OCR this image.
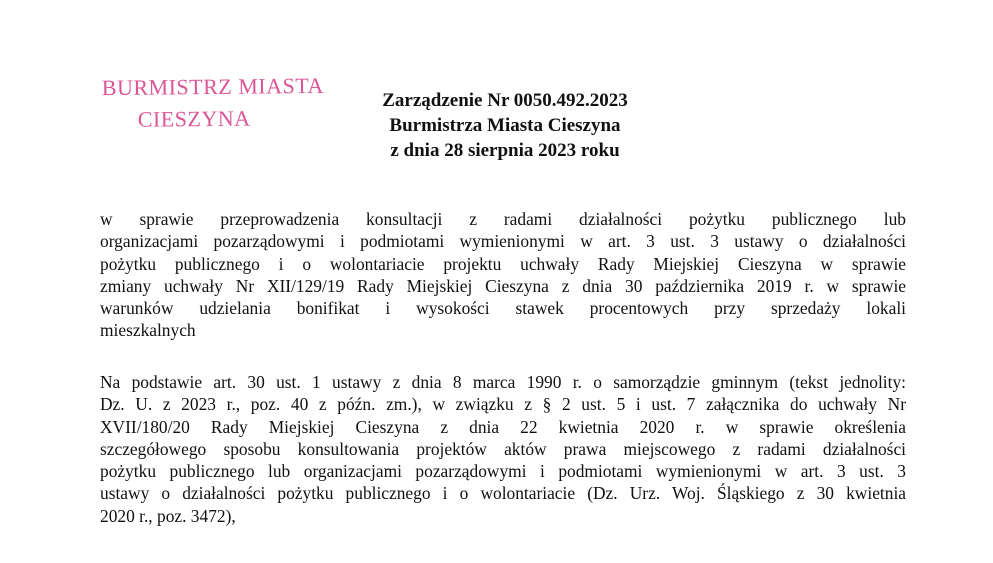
BURMISTRZ MIASTA
CIESZYNA
Zarządzenie Nr 0050.492.2023
Burmistrza Miasta Cieszyna
z dnia 28 sierpnia 2023 roku
w sprawie przeprowadzenia konsultacji z radami działalności pożytku publicznego lub
organizacjami pozarządowymi i podmiotami wymienionymi w art. 3 ust. 3 ustawy o działalności
pożytku publicznego i o wolontariacie projektu uchwały Rady Miejskiej Cieszyna w sprawie
zmiany uchwały Nr XII/129/19 Rady Miejskiej Cieszyna z dnia 30 października 2019 r. w sprawie
warunków udzielania bonifikat i wysokości stawek procentowych przy sprzedaży lokali
mieszkalnych
Na podstawie art. 30 ust. 1 ustawy z dnia 8 marca 1990 r. o samorządzie gminnym (tekst jednolity:
Dz. U. z 2023 r., poz. 40 z późn. zm.), w związku z § 2 ust. 5 i ust. 7 załącznika do uchwały Nr
XVII/180/20 Rady Miejskiej Cieszyna z dnia 22 kwietnia 2020 r. w sprawie określenia
szczegółowego sposobu konsultowania projektów aktów prawa miejscowego z radami działalności
pożytku publicznego lub organizacjami pozarządowymi i podmiotami wymienionymi w art. 3 ust. 3
ustawy o działalności pożytku publicznego i o wolontariacie (Dz. Urz. Woj. Śląskiego z 30 kwietnia
2020 r., poz. 3472),
